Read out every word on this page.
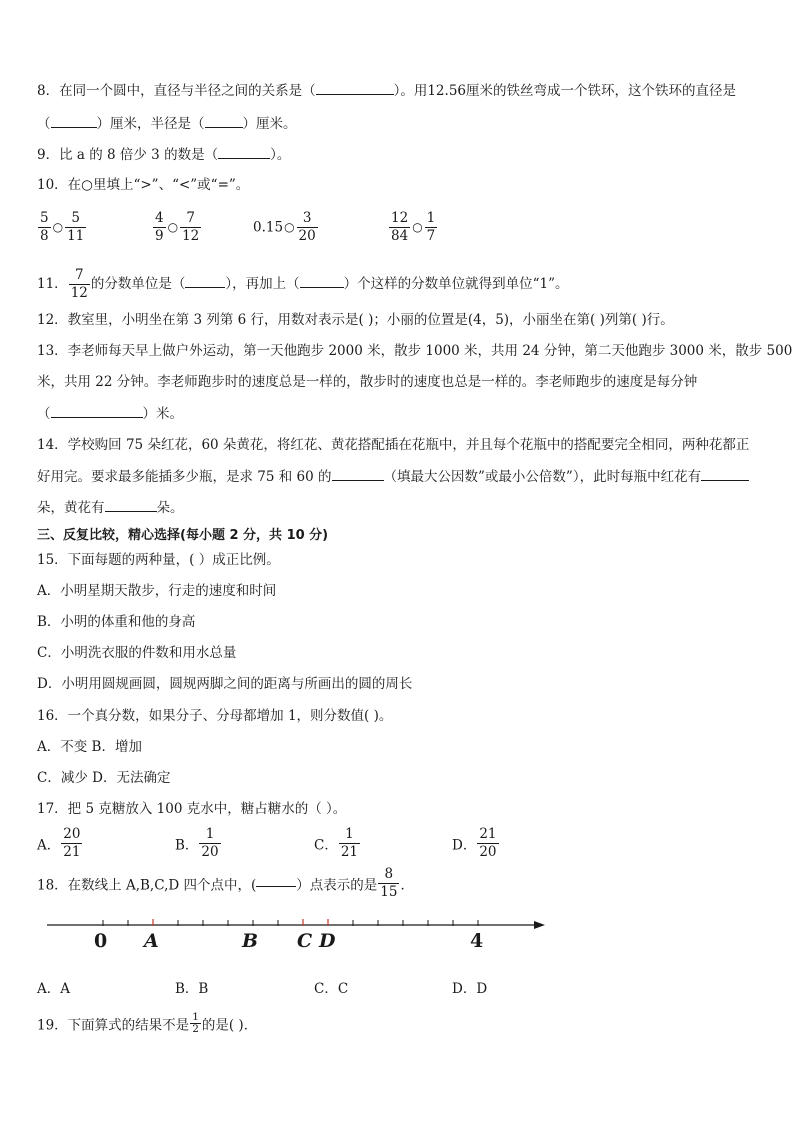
8．在同一个圆中，直径与半径之间的关系是（	）。用12.56厘米的铁丝弯成一个铁环，这个铁环的直径是
（	）厘米，半径是（	）厘米。
9．比 a 的 8 倍少 3 的数是（	）。
10．在○里填上“>”、“<”或“=”。
$\frac{5}{8}$ ○ $\frac{5}{11}$	$\frac{4}{9}$ ○ $\frac{7}{12}$	0.15○ $\frac{3}{20}$	$\frac{12}{84}$ ○ $\frac{1}{7}$
11． $\frac{7}{12}$ 的分数单位是（	），再加上（	）个这样的分数单位就得到单位“1”。
12．教室里，小明坐在第 3 列第 6 行，用数对表示是( )；小丽的位置是(4，5)，小丽坐在第( )列第( )行。
13．李老师每天早上做户外运动，第一天他跑步 2000 米，散步 1000 米，共用 24 分钟，第二天他跑步 3000 米，散步 500
米，共用 22 分钟。李老师跑步时的速度总是一样的，散步时的速度也总是一样的。李老师跑步的速度是每分钟
（	）米。
14．学校购回 75 朵红花，60 朵黄花，将红花、黄花搭配插在花瓶中，并且每个花瓶中的搭配要完全相同，两种花都正
好用完。要求最多能插多少瓶，是求 75 和 60 的	（填最大公因数”或最小公倍数”），此时每瓶中红花有
朵，黄花有	朵。
三、反复比较，精心选择(每小题 2 分，共 10 分)
15．下面每题的两种量，( ）成正比例。
A．小明星期天散步，行走的速度和时间
B．小明的体重和他的身高
C．小明洗衣服的件数和用水总量
D．小明用圆规画圆，圆规两脚之间的距离与所画出的圆的周长
16．一个真分数，如果分子、分母都增加 1，则分数值( )。
A．不变 B．增加
C．减少 D．无法确定
17．把 5 克糖放入 100 克水中，糖占糖水的（ ）。
A． $\frac{20}{21}$	B． $\frac{1}{20}$	C． $\frac{1}{21}$	D． $\frac{21}{20}$
18．在数线上 A,B,C,D 四个点中，(	）点表示的是 $\frac{8}{15}$ ．
0 A	B C D	4
A．A	B．B	C．C	D．D
19．下面算式的结果不是 $\frac{1}{2}$ 的是( )．
